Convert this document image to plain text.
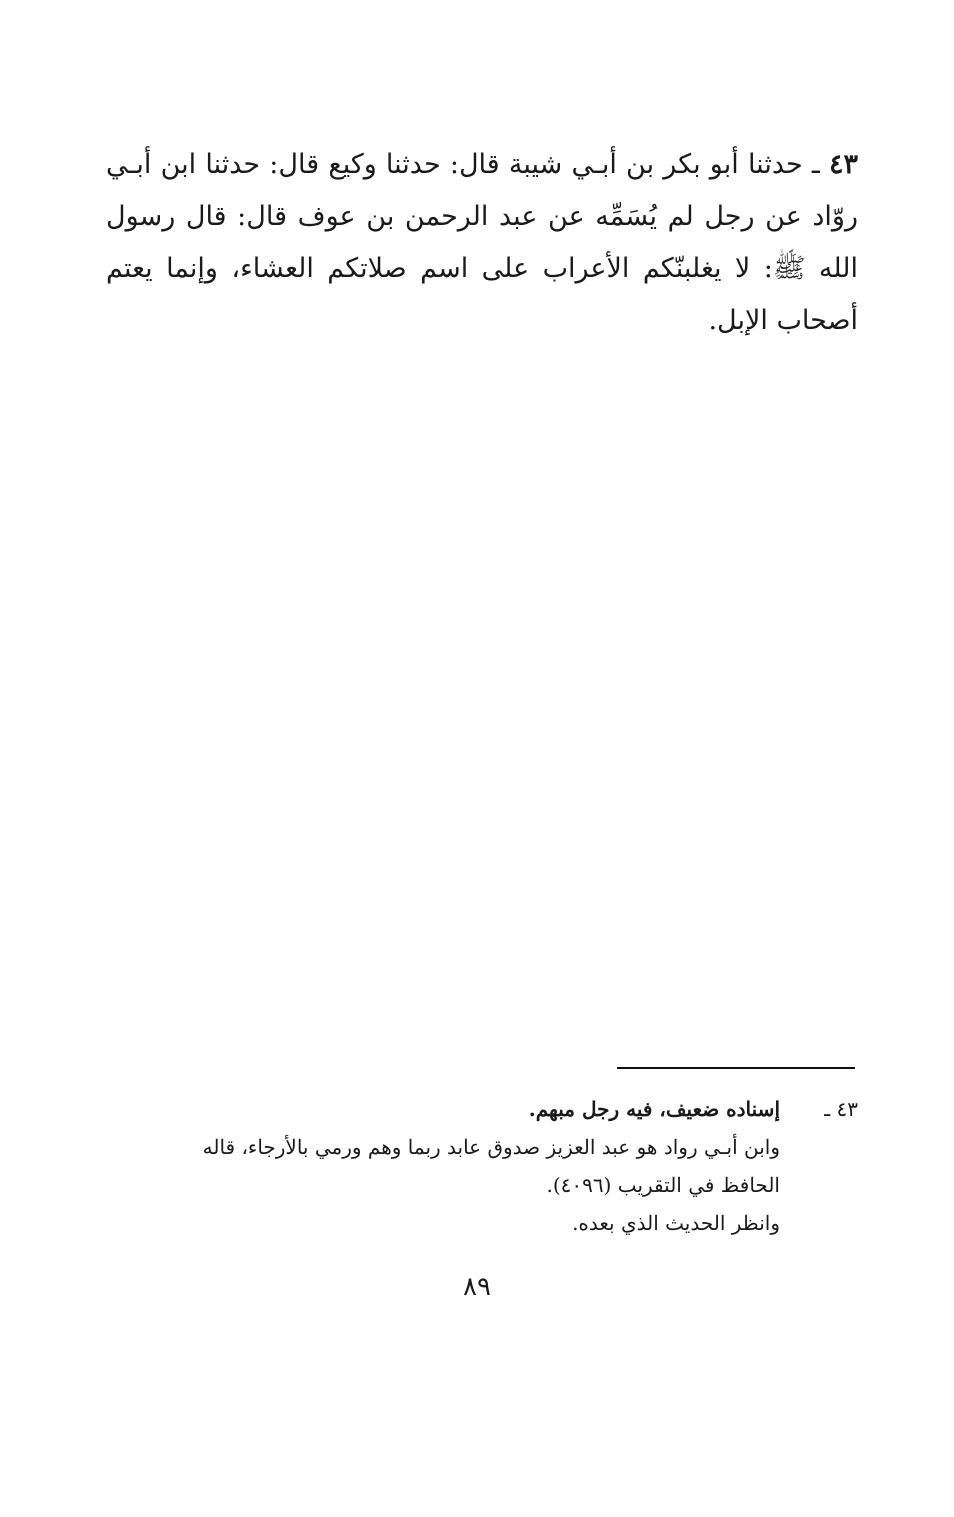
٤٣ ـ حدثنا أبو بكر بن أبـي شيبة قال: حدثنا وكيع قال: حدثنا ابن أبـي روّاد عن رجل لم يُسَمِّه عن عبد الرحمن بن عوف قال: قال رسول الله ﷺ: لا يغلبنّكم الأعراب على اسم صلاتكم العشاء، وإنما يعتم أصحاب الإبل.

٤٣ ـ
إسناده ضعيف، فيه رجل مبهم.
وابن أبـي رواد هو عبد العزيز صدوق عابد ربما وهم ورمي بالأرجاء، قاله
الحافظ في التقريب (٤٠٩٦).
وانظر الحديث الذي بعده.
٨٩
